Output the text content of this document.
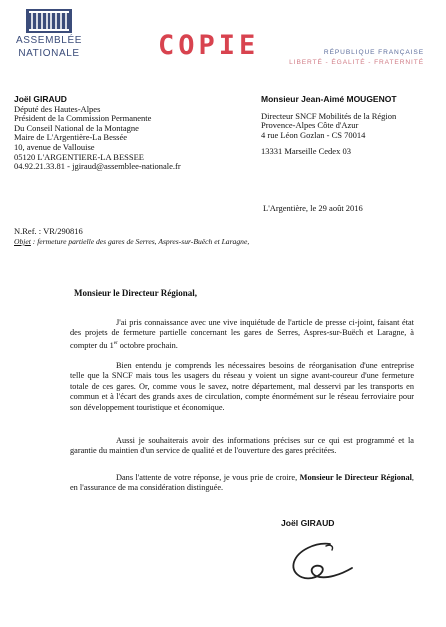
ASSEMBLÉE
NATIONALE	COPIE	RÉPUBLIQUE FRANÇAISE
LIBERTÉ - ÉGALITÉ - FRATERNITÉ
Joël GIRAUD
Député des Hautes-Alpes
Président de la Commission Permanente
Du Conseil National de la Montagne
Maire de L'Argentière-La Bessée
10, avenue de Vallouise
05120 L'ARGENTIERE-LA BESSEE
04.92.21.33.81 - jgiraud@assemblee-nationale.fr
Monsieur Jean-Aimé MOUGENOT
Directeur SNCF Mobilités de la Région
Provence-Alpes Côte d'Azur
4 rue Léon Gozlan - CS 70014
13331 Marseille Cedex 03
L'Argentière, le 29 août 2016
N.Ref. : VR/290816
Objet : fermeture partielle des gares de Serres, Aspres-sur-Buëch et Laragne,
Monsieur le Directeur Régional,
J'ai pris connaissance avec une vive inquiétude de l'article de presse ci-joint, faisant état des projets de fermeture partielle concernant les gares de Serres, Aspres-sur-Buëch et Laragne, à compter du 1er octobre prochain.
Bien entendu je comprends les nécessaires besoins de réorganisation d'une entreprise telle que la SNCF mais tous les usagers du réseau y voient un signe avant-coureur d'une fermeture totale de ces gares. Or, comme vous le savez, notre département, mal desservi par les transports en commun et à l'écart des grands axes de circulation, compte énormément sur le réseau ferroviaire pour son développement touristique et économique.
Aussi je souhaiterais avoir des informations précises sur ce qui est programmé et la garantie du maintien d'un service de qualité et de l'ouverture des gares précitées.
Dans l'attente de votre réponse, je vous prie de croire, Monsieur le Directeur Régional, en l'assurance de ma considération distinguée.
Joël GIRAUD
